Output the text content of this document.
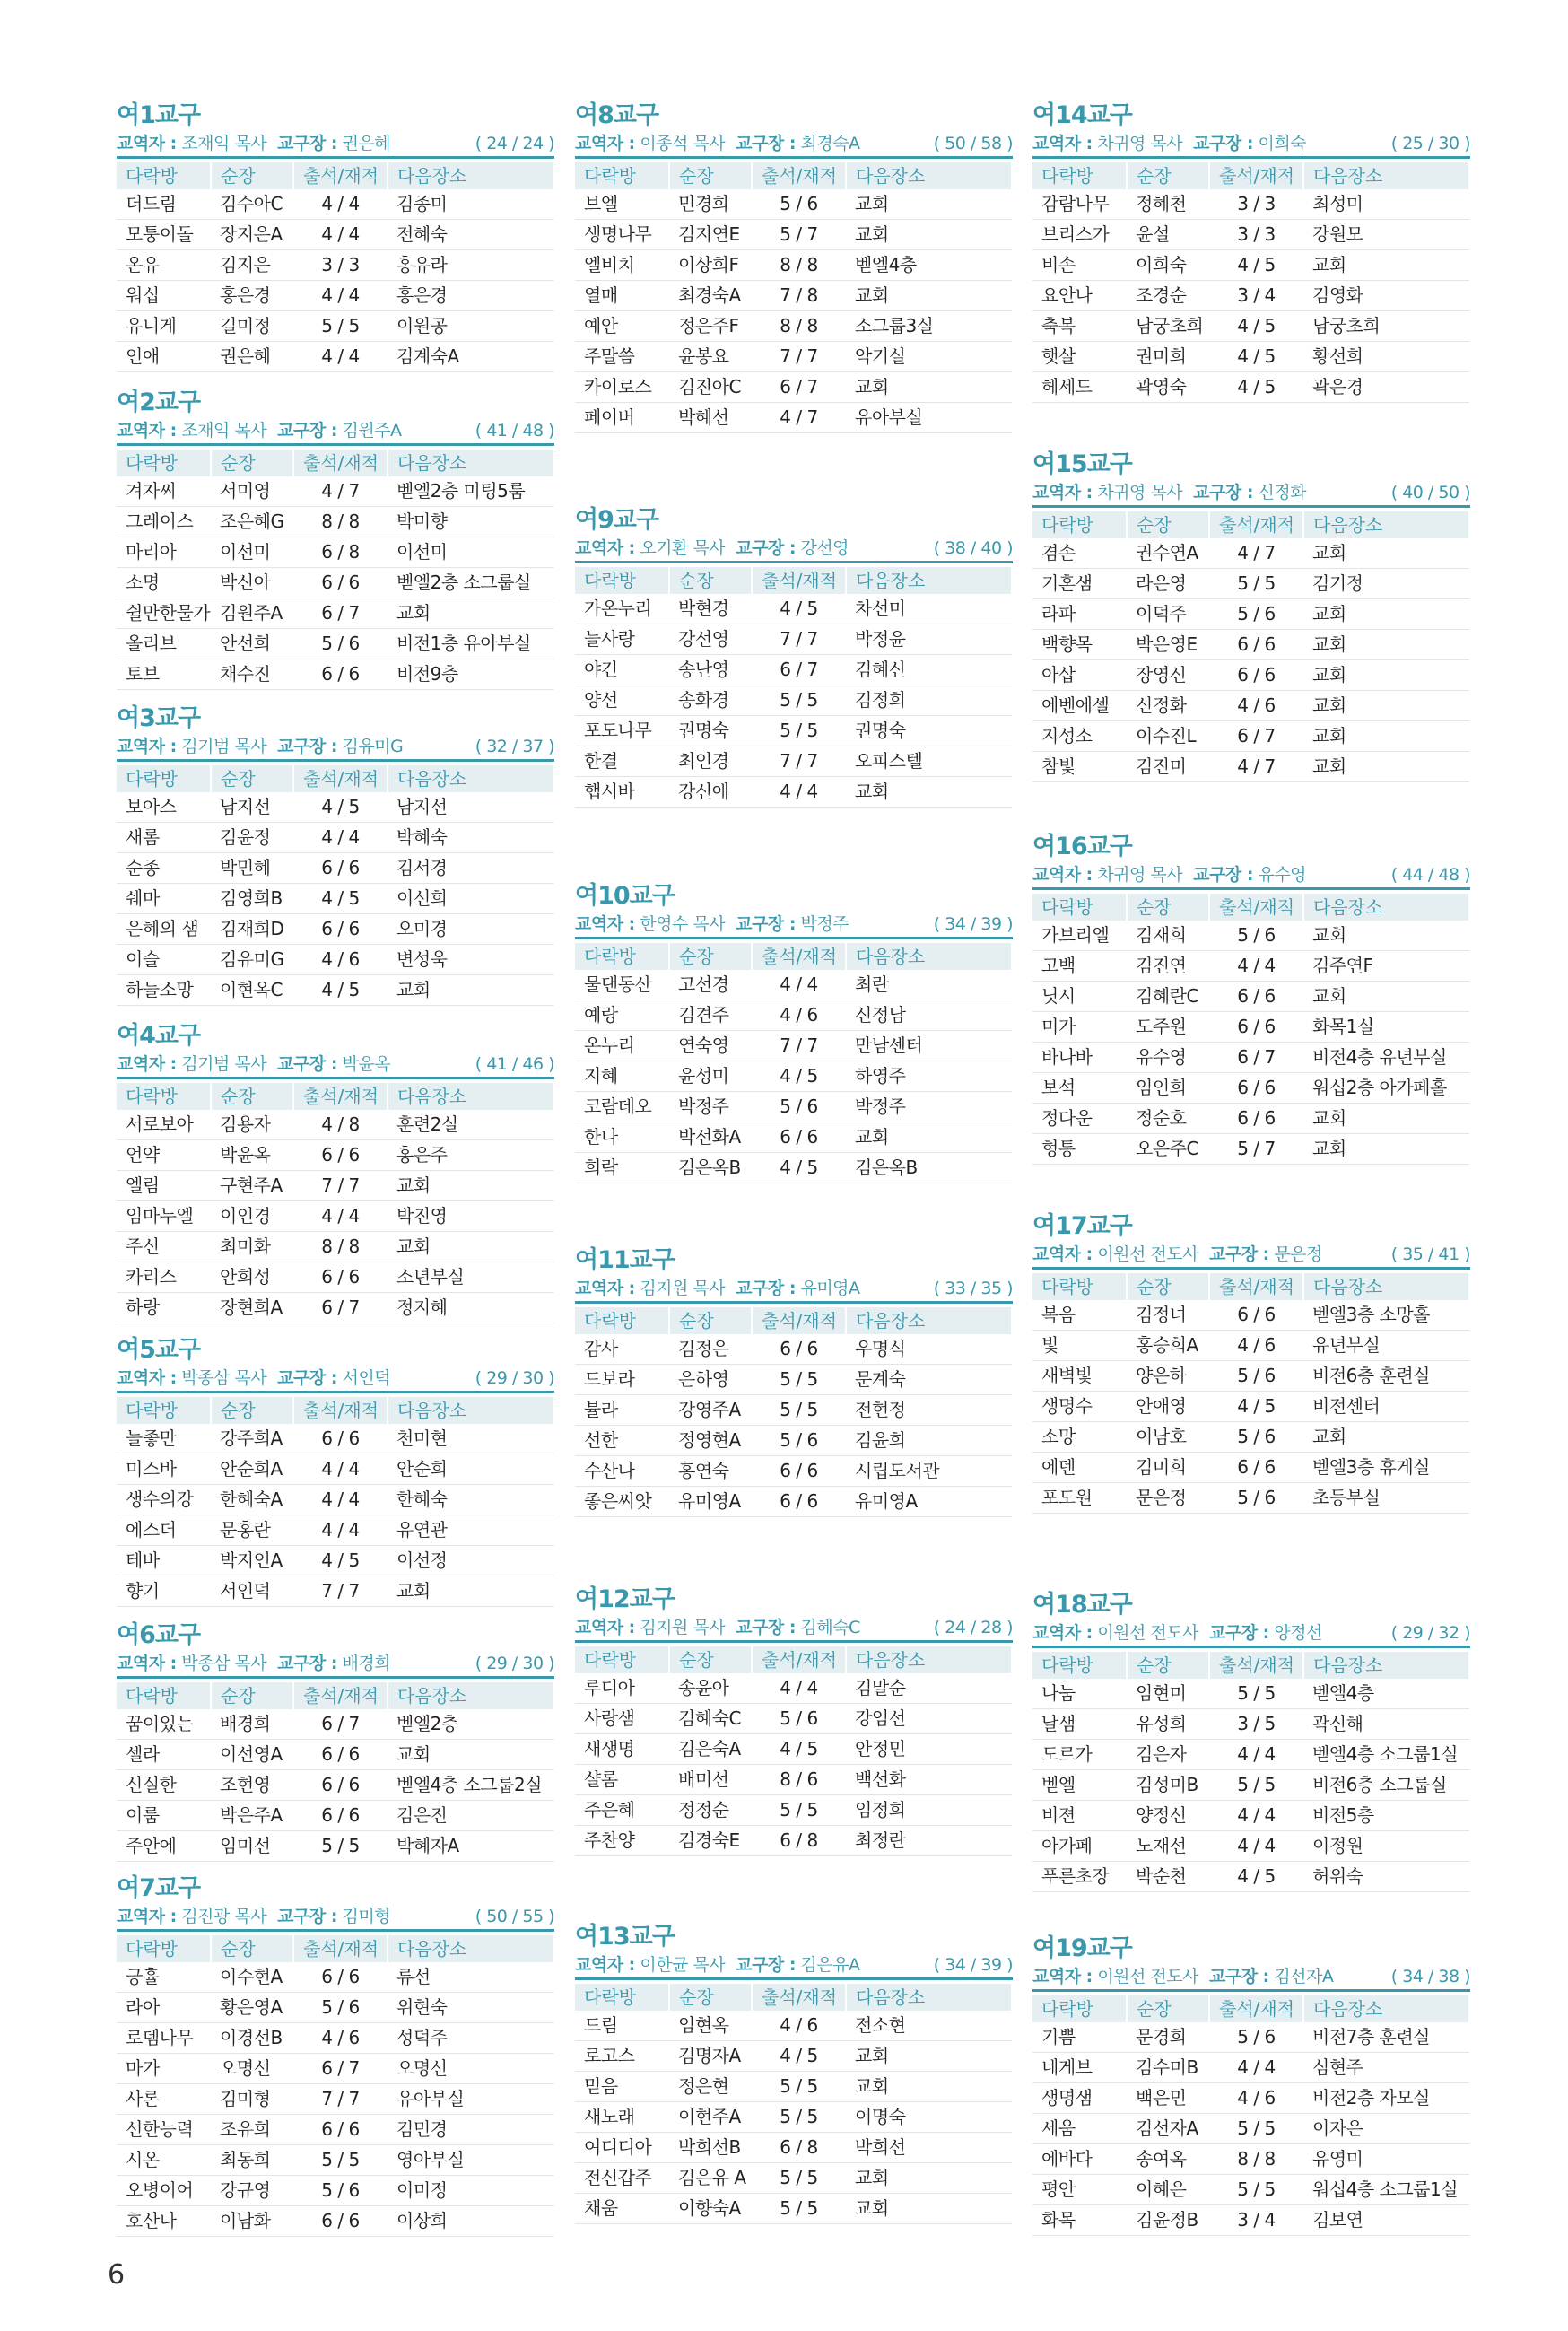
여1교구
교역자 : 조재익 목사 교구장 : 권은혜	( 24 / 24 )
다락방	순장	출석/재적	다음장소
더드림	김수아C	4 / 4	김종미
모퉁이돌	장지은A	4 / 4	전혜숙
온유	김지은	3 / 3	홍유라
워십	홍은경	4 / 4	홍은경
유니게	길미정	5 / 5	이원공
인애	권은혜	4 / 4	김계숙A
여2교구
교역자 : 조재익 목사 교구장 : 김원주A	( 41 / 48 )
다락방	순장	출석/재적	다음장소
겨자씨	서미영	4 / 7	벧엘2층 미팅5룸
그레이스	조은혜G	8 / 8	박미향
마리아	이선미	6 / 8	이선미
소명	박신아	6 / 6	벧엘2층 소그룹실
쉴만한물가	김원주A	6 / 7	교회
올리브	안선희	5 / 6	비전1층 유아부실
토브	채수진	6 / 6	비전9층
여3교구
교역자 : 김기범 목사 교구장 : 김유미G	( 32 / 37 )
다락방	순장	출석/재적	다음장소
보아스	남지선	4 / 5	남지선
새롬	김윤정	4 / 4	박혜숙
순종	박민혜	6 / 6	김서경
쉐마	김영희B	4 / 5	이선희
은혜의 샘	김재희D	6 / 6	오미경
이슬	김유미G	4 / 6	변성욱
하늘소망	이현옥C	4 / 5	교회
여4교구
교역자 : 김기범 목사 교구장 : 박윤옥	( 41 / 46 )
다락방	순장	출석/재적	다음장소
서로보아	김용자	4 / 8	훈련2실
언약	박윤옥	6 / 6	홍은주
엘림	구현주A	7 / 7	교회
임마누엘	이인경	4 / 4	박진영
주신	최미화	8 / 8	교회
카리스	안희성	6 / 6	소년부실
하랑	장현희A	6 / 7	정지혜
여5교구
교역자 : 박종삼 목사 교구장 : 서인덕	( 29 / 30 )
다락방	순장	출석/재적	다음장소
늘좋만	강주희A	6 / 6	천미현
미스바	안순희A	4 / 4	안순희
생수의강	한혜숙A	4 / 4	한혜숙
에스더	문홍란	4 / 4	유연관
테바	박지인A	4 / 5	이선정
향기	서인덕	7 / 7	교회
여6교구
교역자 : 박종삼 목사 교구장 : 배경희	( 29 / 30 )
다락방	순장	출석/재적	다음장소
꿈이있는	배경희	6 / 7	벧엘2층
셀라	이선영A	6 / 6	교회
신실한	조현영	6 / 6	벧엘4층 소그룹2실
이룸	박은주A	6 / 6	김은진
주안에	임미선	5 / 5	박혜자A
여7교구
교역자 : 김진광 목사 교구장 : 김미형	( 50 / 55 )
다락방	순장	출석/재적	다음장소
긍휼	이수현A	6 / 6	류선
라아	황은영A	5 / 6	위현숙
로뎀나무	이경선B	4 / 6	성덕주
마가	오명선	6 / 7	오명선
사론	김미형	7 / 7	유아부실
선한능력	조유희	6 / 6	김민경
시온	최동희	5 / 5	영아부실
오병이어	강규영	5 / 6	이미정
호산나	이남화	6 / 6	이상희
여8교구
교역자 : 이종석 목사 교구장 : 최경숙A	( 50 / 58 )
다락방	순장	출석/재적	다음장소
브엘	민경희	5 / 6	교회
생명나무	김지연E	5 / 7	교회
엘비치	이상희F	8 / 8	벧엘4층
열매	최경숙A	7 / 8	교회
예안	정은주F	8 / 8	소그룹3실
주말씀	윤봉요	7 / 7	악기실
카이로스	김진아C	6 / 7	교회
페이버	박혜선	4 / 7	유아부실
여9교구
교역자 : 오기환 목사 교구장 : 강선영	( 38 / 40 )
다락방	순장	출석/재적	다음장소
가온누리	박현경	4 / 5	차선미
늘사랑	강선영	7 / 7	박정윤
야긴	송난영	6 / 7	김혜신
양선	송화경	5 / 5	김정희
포도나무	권명숙	5 / 5	권명숙
한결	최인경	7 / 7	오피스텔
햅시바	강신애	4 / 4	교회
여10교구
교역자 : 한영수 목사 교구장 : 박정주	( 34 / 39 )
다락방	순장	출석/재적	다음장소
물댄동산	고선경	4 / 4	최란
예랑	김견주	4 / 6	신정남
온누리	연숙영	7 / 7	만남센터
지혜	윤성미	4 / 5	하영주
코람데오	박정주	5 / 6	박정주
한나	박선화A	6 / 6	교회
희락	김은옥B	4 / 5	김은옥B
여11교구
교역자 : 김지원 목사 교구장 : 유미영A	( 33 / 35 )
다락방	순장	출석/재적	다음장소
감사	김정은	6 / 6	우명식
드보라	은하영	5 / 5	문계숙
뷸라	강영주A	5 / 5	전현정
선한	정영현A	5 / 6	김윤희
수산나	홍연숙	6 / 6	시립도서관
좋은씨앗	유미영A	6 / 6	유미영A
여12교구
교역자 : 김지원 목사 교구장 : 김혜숙C	( 24 / 28 )
다락방	순장	출석/재적	다음장소
루디아	송윤아	4 / 4	김말순
사랑샘	김혜숙C	5 / 6	강임선
새생명	김은숙A	4 / 5	안정민
샬롬	배미선	8 / 6	백선화
주은혜	정정순	5 / 5	임정희
주찬양	김경숙E	6 / 8	최정란
여13교구
교역자 : 이한균 목사 교구장 : 김은유A	( 34 / 39 )
다락방	순장	출석/재적	다음장소
드림	임현옥	4 / 6	전소현
로고스	김명자A	4 / 5	교회
믿음	정은현	5 / 5	교회
새노래	이현주A	5 / 5	이명숙
여디디아	박희선B	6 / 8	박희선
전신갑주	김은유 A	5 / 5	교회
채움	이향숙A	5 / 5	교회
여14교구
교역자 : 차귀영 목사 교구장 : 이희숙	( 25 / 30 )
다락방	순장	출석/재적	다음장소
감람나무	정혜천	3 / 3	최성미
브리스가	윤설	3 / 3	강원모
비손	이희숙	4 / 5	교회
요안나	조경순	3 / 4	김영화
축복	남궁초희	4 / 5	남궁초희
햇살	권미희	4 / 5	황선희
헤세드	곽영숙	4 / 5	곽은경
여15교구
교역자 : 차귀영 목사 교구장 : 신정화	( 40 / 50 )
다락방	순장	출석/재적	다음장소
겸손	권수연A	4 / 7	교회
기혼샘	라은영	5 / 5	김기정
라파	이덕주	5 / 6	교회
백향목	박은영E	6 / 6	교회
아삽	장영신	6 / 6	교회
에벤에셀	신정화	4 / 6	교회
지성소	이수진L	6 / 7	교회
참빛	김진미	4 / 7	교회
여16교구
교역자 : 차귀영 목사 교구장 : 유수영	( 44 / 48 )
다락방	순장	출석/재적	다음장소
가브리엘	김재희	5 / 6	교회
고백	김진연	4 / 4	김주연F
닛시	김혜란C	6 / 6	교회
미가	도주원	6 / 6	화목1실
바나바	유수영	6 / 7	비전4층 유년부실
보석	임인희	6 / 6	워십2층 아가페홀
정다운	정순호	6 / 6	교회
형통	오은주C	5 / 7	교회
여17교구
교역자 : 이원선 전도사 교구장 : 문은정	( 35 / 41 )
다락방	순장	출석/재적	다음장소
복음	김정녀	6 / 6	벧엘3층 소망홀
빛	홍승희A	4 / 6	유년부실
새벽빛	양은하	5 / 6	비전6층 훈련실
생명수	안애영	4 / 5	비전센터
소망	이남호	5 / 6	교회
에덴	김미희	6 / 6	벧엘3층 휴게실
포도원	문은정	5 / 6	초등부실
여18교구
교역자 : 이원선 전도사 교구장 : 양정선	( 29 / 32 )
다락방	순장	출석/재적	다음장소
나눔	임현미	5 / 5	벧엘4층
날샘	유성희	3 / 5	곽신해
도르가	김은자	4 / 4	벧엘4층 소그룹1실
벧엘	김성미B	5 / 5	비전6층 소그룹실
비젼	양정선	4 / 4	비전5층
아가페	노재선	4 / 4	이정원
푸른초장	박순천	4 / 5	허위숙
여19교구
교역자 : 이원선 전도사 교구장 : 김선자A	( 34 / 38 )
다락방	순장	출석/재적	다음장소
기쁨	문경희	5 / 6	비전7층 훈련실
네게브	김수미B	4 / 4	심현주
생명샘	백은민	4 / 6	비전2층 자모실
세움	김선자A	5 / 5	이자은
에바다	송여옥	8 / 8	유영미
평안	이혜은	5 / 5	워십4층 소그룹1실
화목	김윤정B	3 / 4	김보연
6
